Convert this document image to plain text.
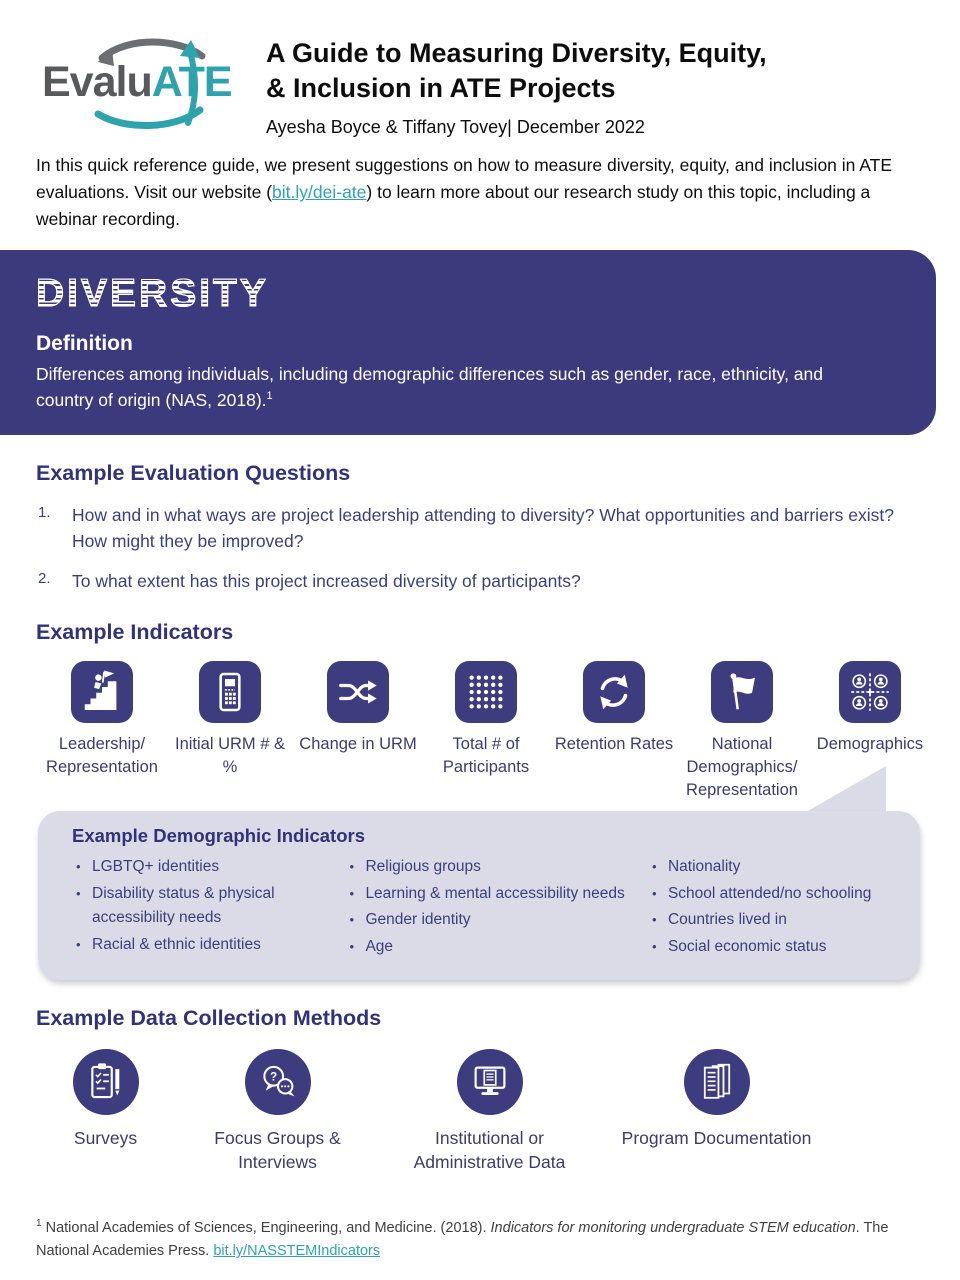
EvaluATE
A Guide to Measuring Diversity, Equity,
& Inclusion in ATE Projects
Ayesha Boyce & Tiffany Tovey| December 2022

In this quick reference guide, we present suggestions on how to measure diversity, equity, and inclusion in ATE evaluations. Visit our website (bit.ly/dei-ate) to learn more about our research study on this topic, including a webinar recording.

DIVERSITY
Definition
Differences among individuals, including demographic differences such as gender, race, ethnicity, and country of origin (NAS, 2018).$^1$
Example Evaluation Questions
1.	How and in what ways are project leadership attending to diversity? What opportunities and barriers exist? How might they be improved?
2.	To what extent has this project increased diversity of participants?
Example Indicators
Leadership/ Representation
Initial URM # & %
Change in URM	Total # of Participants
Retention Rates	National Demographics/ Representation
Demographics
Example Demographic Indicators
• LGBTQ+ identities
• Disability status & physical accessibility needs
• Racial & ethnic identities
• Religious groups
• Learning & mental accessibility needs
• Gender identity
• Age
• Nationality
• School attended/no schooling
• Countries lived in
• Social economic status
Example Data Collection Methods
Surveys
?
Focus Groups & Interviews
Institutional or Administrative Data
Program Documentation

$^1$ National Academies of Sciences, Engineering, and Medicine. (2018). Indicators for monitoring undergraduate STEM education. The National Academies Press. bit.ly/NASSTEMIndicators
